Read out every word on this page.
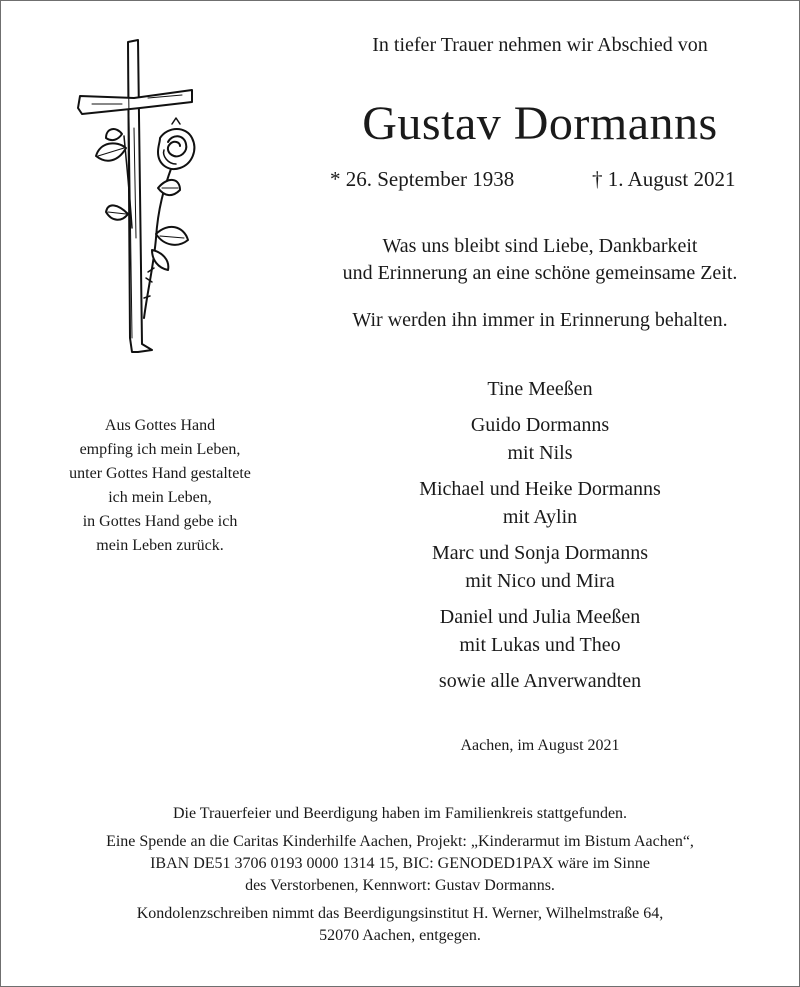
In tiefer Trauer nehmen wir Abschied von
Gustav Dormanns
* 26. September 1938	† 1. August 2021
Was uns bleibt sind Liebe, Dankbarkeit
und Erinnerung an eine schöne gemeinsame Zeit.
Wir werden ihn immer in Erinnerung behalten.
Tine Meeßen
Guido Dormanns
mit Nils
Michael und Heike Dormanns
mit Aylin
Marc und Sonja Dormanns
mit Nico und Mira
Daniel und Julia Meeßen
mit Lukas und Theo
sowie alle Anverwandten
Aus Gottes Hand
empfing ich mein Leben,
unter Gottes Hand gestaltete
ich mein Leben,
in Gottes Hand gebe ich
mein Leben zurück.
Aachen, im August 2021

Die Trauerfeier und Beerdigung haben im Familienkreis stattgefunden.

Eine Spende an die Caritas Kinderhilfe Aachen, Projekt: „Kinderarmut im Bistum Aachen“,
IBAN DE51 3706 0193 0000 1314 15, BIC: GENODED1PAX wäre im Sinne
des Verstorbenen, Kennwort: Gustav Dormanns.

Kondolenzschreiben nimmt das Beerdigungsinstitut H. Werner, Wilhelmstraße 64,
52070 Aachen, entgegen.
